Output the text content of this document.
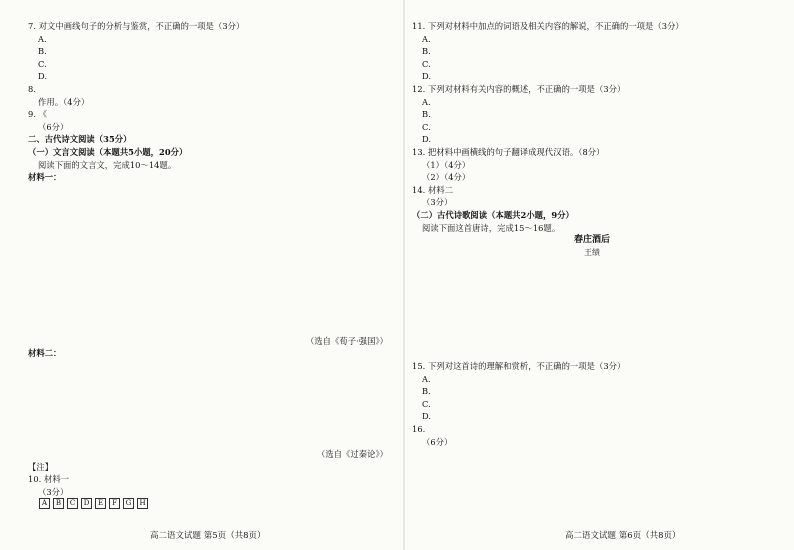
7. 对文中画线句子的分析与鉴赏，不正确的一项是（3分）
A.
B.
C.
D.
8.
作用。（4分）
9. 《
（6分）
二、古代诗文阅读（35分）
（一）文言文阅读（本题共5小题，20分）
阅读下面的文言文，完成10～14题。
材料一：
（选自《荀子·强国》）
材料二：
（选自《过秦论》）
【注】
10. 材料一
（3分）
A	B	C	D	E	F	G	H
11. 下列对材料中加点的词语及相关内容的解说，不正确的一项是（3分）
A.
B.
C.
D.
12. 下列对材料有关内容的概述，不正确的一项是（3分）
A.
B.
C.
D.
13. 把材料中画横线的句子翻译成现代汉语。（8分）
（1）（4分）
（2）（4分）
14. 材料二
（3分）
（二）古代诗歌阅读（本题共2小题，9分）
阅读下面这首唐诗，完成15～16题。
春庄酒后
王绩
15. 下列对这首诗的理解和赏析，不正确的一项是（3分）
A.
B.
C.
D.
16.
（6分）
高二语文试题 第5页（共8页）	高二语文试题 第6页（共8页）
